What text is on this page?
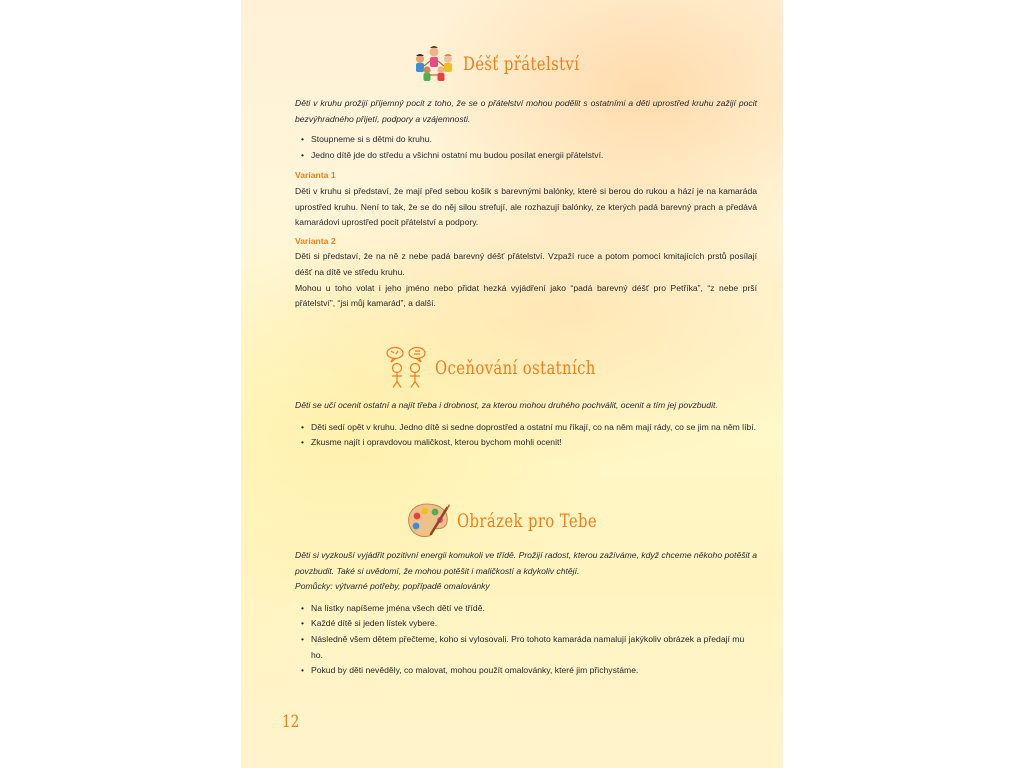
Déšť přátelství
Děti v kruhu prožijí příjemný pocit z toho, že se o přátelství mohou podělit s ostatními a děti uprostřed kruhu zažijí pocit bezvýhradného přijetí, podpory a vzájemnosti.
• Stoupneme si s dětmi do kruhu.
• Jedno dítě jde do středu a všichni ostatní mu budou posílat energii přátelství.
Varianta 1
Děti v kruhu si představí, že mají před sebou košík s barevnými balónky, které si berou do rukou a hází je na kamaráda uprostřed kruhu. Není to tak, že se do něj silou strefují, ale rozhazují balónky, ze kterých padá barevný prach a předává kamarádovi uprostřed pocit přátelství a podpory.
Varianta 2
Děti si představí, že na ně z nebe padá barevný déšť přátelství. Vzpaží ruce a potom pomocí kmitajících prstů posílají déšť na dítě ve středu kruhu.
Mohou u toho volat i jeho jméno nebo přidat hezká vyjádření jako “padá barevný déšť pro Petříka”, “z nebe prší přátelství”, “jsi můj kamarád”, a další.
Oceňování ostatních
Děti se učí ocenit ostatní a najít třeba i drobnost, za kterou mohou druhého pochválit, ocenit a tím jej povzbudit.
• Děti sedí opět v kruhu. Jedno dítě si sedne doprostřed a ostatní mu říkají, co na něm mají rády, co se jim na něm líbí.
• Zkusme najít i opravdovou maličkost, kterou bychom mohli ocenit!
Obrázek pro Tebe
Děti si vyzkouší vyjádřit pozitivní energii komukoli ve třídě. Prožijí radost, kterou zažíváme, když chceme někoho potěšit a povzbudit. Také si uvědomí, že mohou potěšit i maličkostí a kdykoliv chtějí.
Pomůcky: výtvarné potřeby, popřípadě omalovánky
• Na lístky napíšeme jména všech dětí ve třídě.
• Každé dítě si jeden lístek vybere.
• Následně všem dětem přečteme, koho si vylosovali. Pro tohoto kamaráda namalují jakýkoliv obrázek a předají mu ho.
• Pokud by děti nevěděly, co malovat, mohou použít omalovánky, které jim přichystáme.
12
